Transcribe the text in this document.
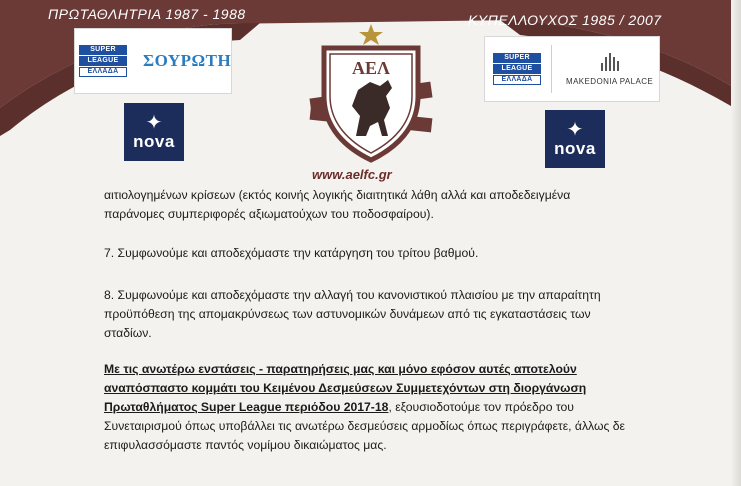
ΠΡΩΤΑΘΛΗΤΡΙΑ 1987 - 1988	ΚΥΠΕΛΛΟΥΧΟΣ 1985 / 2007
SUPER
LEAGUE
ΕΛΛΑΔΑ
ΣΟΥΡΩΤΗ	SUPER
LEAGUE
ΕΛΛΑΔΑ	MAKEDONIA PALACE
✦
nova
✦
nova
ΑΕΛ
www.aelfc.gr

αιτιολογημένων κρίσεων (εκτός κοινής λογικής διαιτητικά λάθη αλλά και αποδεδειγμένα παράνομες συμπεριφορές αξιωματούχων του ποδοσφαίρου).

7. Συμφωνούμε και αποδεχόμαστε την κατάργηση του τρίτου βαθμού.

8. Συμφωνούμε και αποδεχόμαστε την αλλαγή του κανονιστικού πλαισίου με την απαραίτητη προϋπόθεση της απομακρύνσεως των αστυνομικών δυνάμεων από τις εγκαταστάσεις των σταδίων.

Με τις ανωτέρω ενστάσεις - παρατηρήσεις μας και μόνο εφόσον αυτές αποτελούν αναπόσπαστο κομμάτι του Κειμένου Δεσμεύσεων Συμμετεχόντων στη διοργάνωση Πρωταθλήματος Super League περιόδου 2017-18, εξουσιοδοτούμε τον πρόεδρο του Συνεταιρισμού όπως υποβάλλει τις ανωτέρω δεσμεύσεις αρμοδίως όπως περιγράφετε, άλλως δε επιφυλασσόμαστε παντός νομίμου δικαιώματος μας.
